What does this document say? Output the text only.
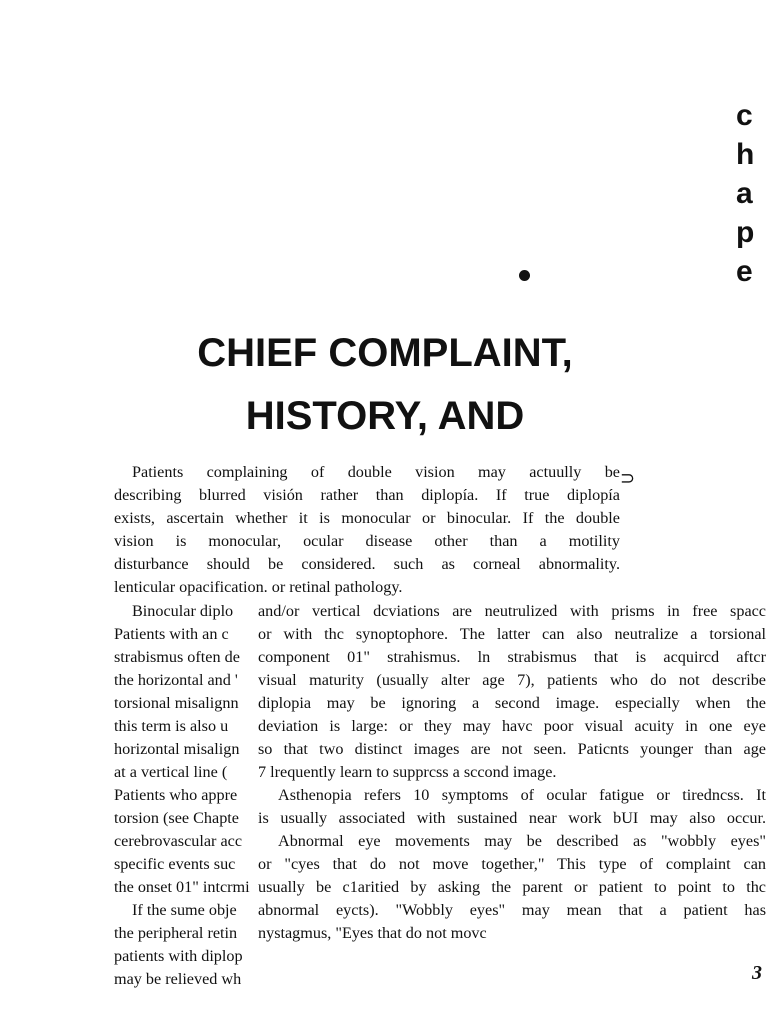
c
h
a
p
e
CHIEF COMPLAINT,
HISTORY, AND
Patients complaining of double vision may actuully be
describing blurred visión rather than diplopía. If true diplopía
exists, ascertain whether it is monocular or binocular. If the double
vision is monocular, ocular disease other than a motility
disturbance should be considered. such as corneal abnormality.
lenticular opacification. or retinal pathology.
⊃
Binocular diplo
Patients with an c
strabismus often de
the horizontal and '
torsional misalignn
this term is also u
horizontal misalign
at a vertical line (
Patients who appre
torsion (see Chapte
cerebrovascular acc
specific events suc
the onset 01" intcrmi
If the sume obje
the peripheral retin
patients with diplop
may be relieved wh
and/or vertical dcviations are neutrulized with prisms in free spacc
or with thc synoptophore. The latter can also neutralize a torsional
component 01" strahismus. ln strabismus that is acquircd aftcr
visual maturity (usually alter age 7), patients who do not describe
diplopia may be ignoring a second image. especially when the
deviation is large: or they may havc poor visual acuity in one eye
so that two distinct images are not seen. Paticnts younger than age
7 lrequently learn to supprcss a sccond image.
Asthenopia refers 10 symptoms of ocular fatigue or tiredncss. It
is usually associated with sustained near work bUI may also occur.
Abnormal eye movements may be described as "wobbly eyes"
or "cyes that do not move together," This type of complaint can
usually be c1aritied by asking the parent or patient to point to thc
abnormal eycts). "Wobbly eyes" may mean that a patient has
nystagmus, "Eyes that do not movc
3
